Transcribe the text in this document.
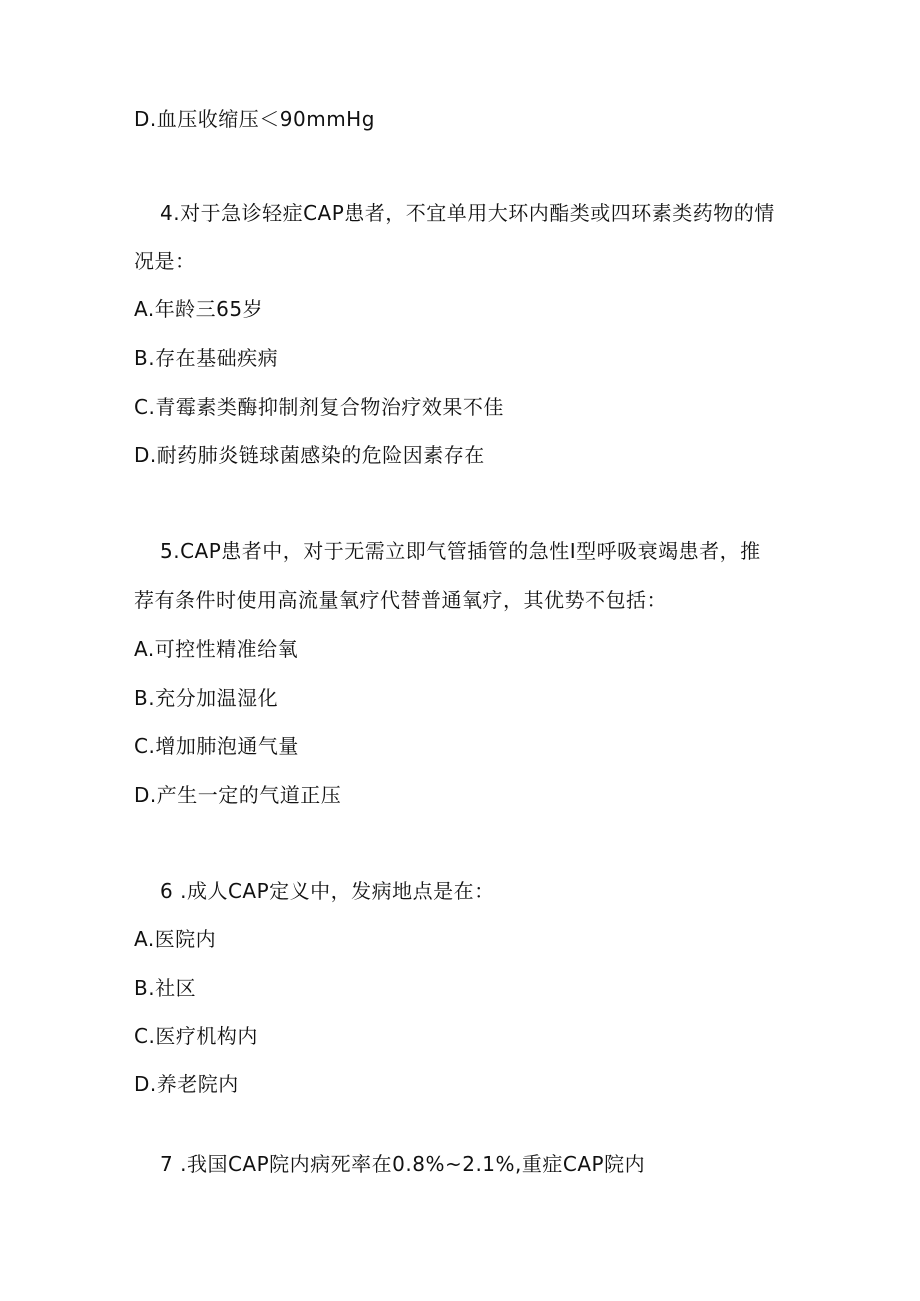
D.血压收缩压＜90mmHg
4.对于急诊轻症CAP患者，不宜单用大环内酯类或四环素类药物的情
况是：
A.年龄三65岁
B.存在基础疾病
C.青霉素类酶抑制剂复合物治疗效果不佳
D.耐药肺炎链球菌感染的危险因素存在
5.CAP患者中，对于无需立即气管插管的急性I型呼吸衰竭患者，推
荐有条件时使用高流量氧疗代替普通氧疗，其优势不包括：
A.可控性精准给氧
B.充分加温湿化
C.增加肺泡通气量
D.产生一定的气道正压
6 .成人CAP定义中，发病地点是在：
A.医院内
B.社区
C.医疗机构内
D.养老院内
7 .我国CAP院内病死率在0.8%~2.1%,重症CAP院内
